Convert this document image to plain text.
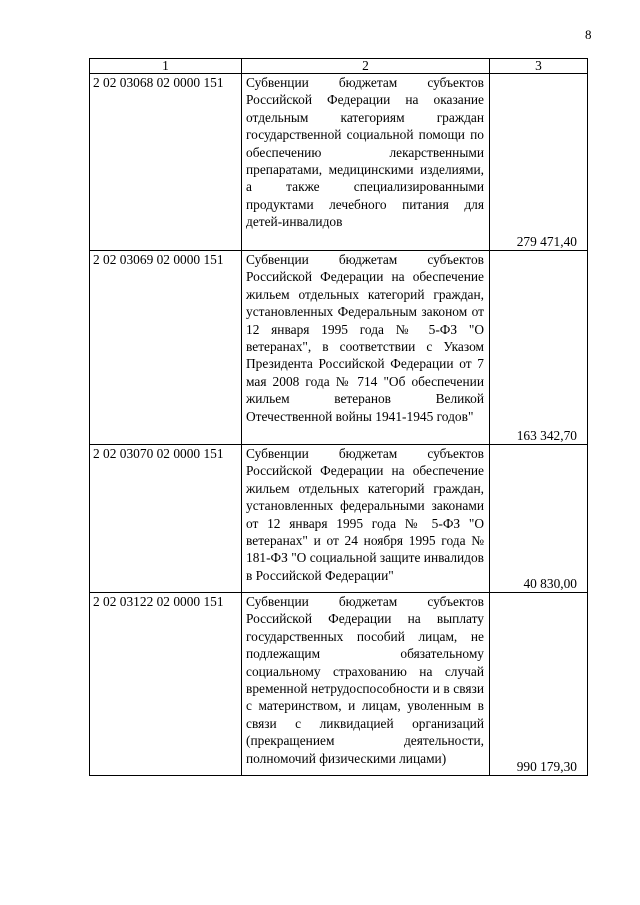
8
1	2	3
2 02 03068 02 0000 151	Субвенции бюджетам субъектов Российской Федерации на оказание отдельным категориям граждан государственной социальной помощи по обеспечению лекарственными препаратами, медицинскими изделиями, а также специализированными продуктами лечебного питания для детей-инвалидов	279 471,40
2 02 03069 02 0000 151	Субвенции бюджетам субъектов Российской Федерации на обеспечение жильем отдельных категорий граждан, установленных Федеральным законом от 12 января 1995 года № 5-ФЗ "О ветеранах", в соответствии с Указом Президента Российской Федерации от 7 мая 2008 года № 714 "Об обеспечении жильем ветеранов Великой Отечественной войны 1941-1945 годов"	163 342,70
2 02 03070 02 0000 151	Субвенции бюджетам субъектов Российской Федерации на обеспечение жильем отдельных категорий граждан, установленных федеральными законами от 12 января 1995 года № 5-ФЗ "О ветеранах" и от 24 ноября 1995 года № 181-ФЗ "О социальной защите инвалидов в Российской Федерации"	40 830,00
2 02 03122 02 0000 151	Субвенции бюджетам субъектов Российской Федерации на выплату государственных пособий лицам, не подлежащим обязательному социальному страхованию на случай временной нетрудоспособности и в связи с материнством, и лицам, уволенным в связи с ликвидацией организаций (прекращением деятельности, полномочий физическими лицами)	990 179,30
